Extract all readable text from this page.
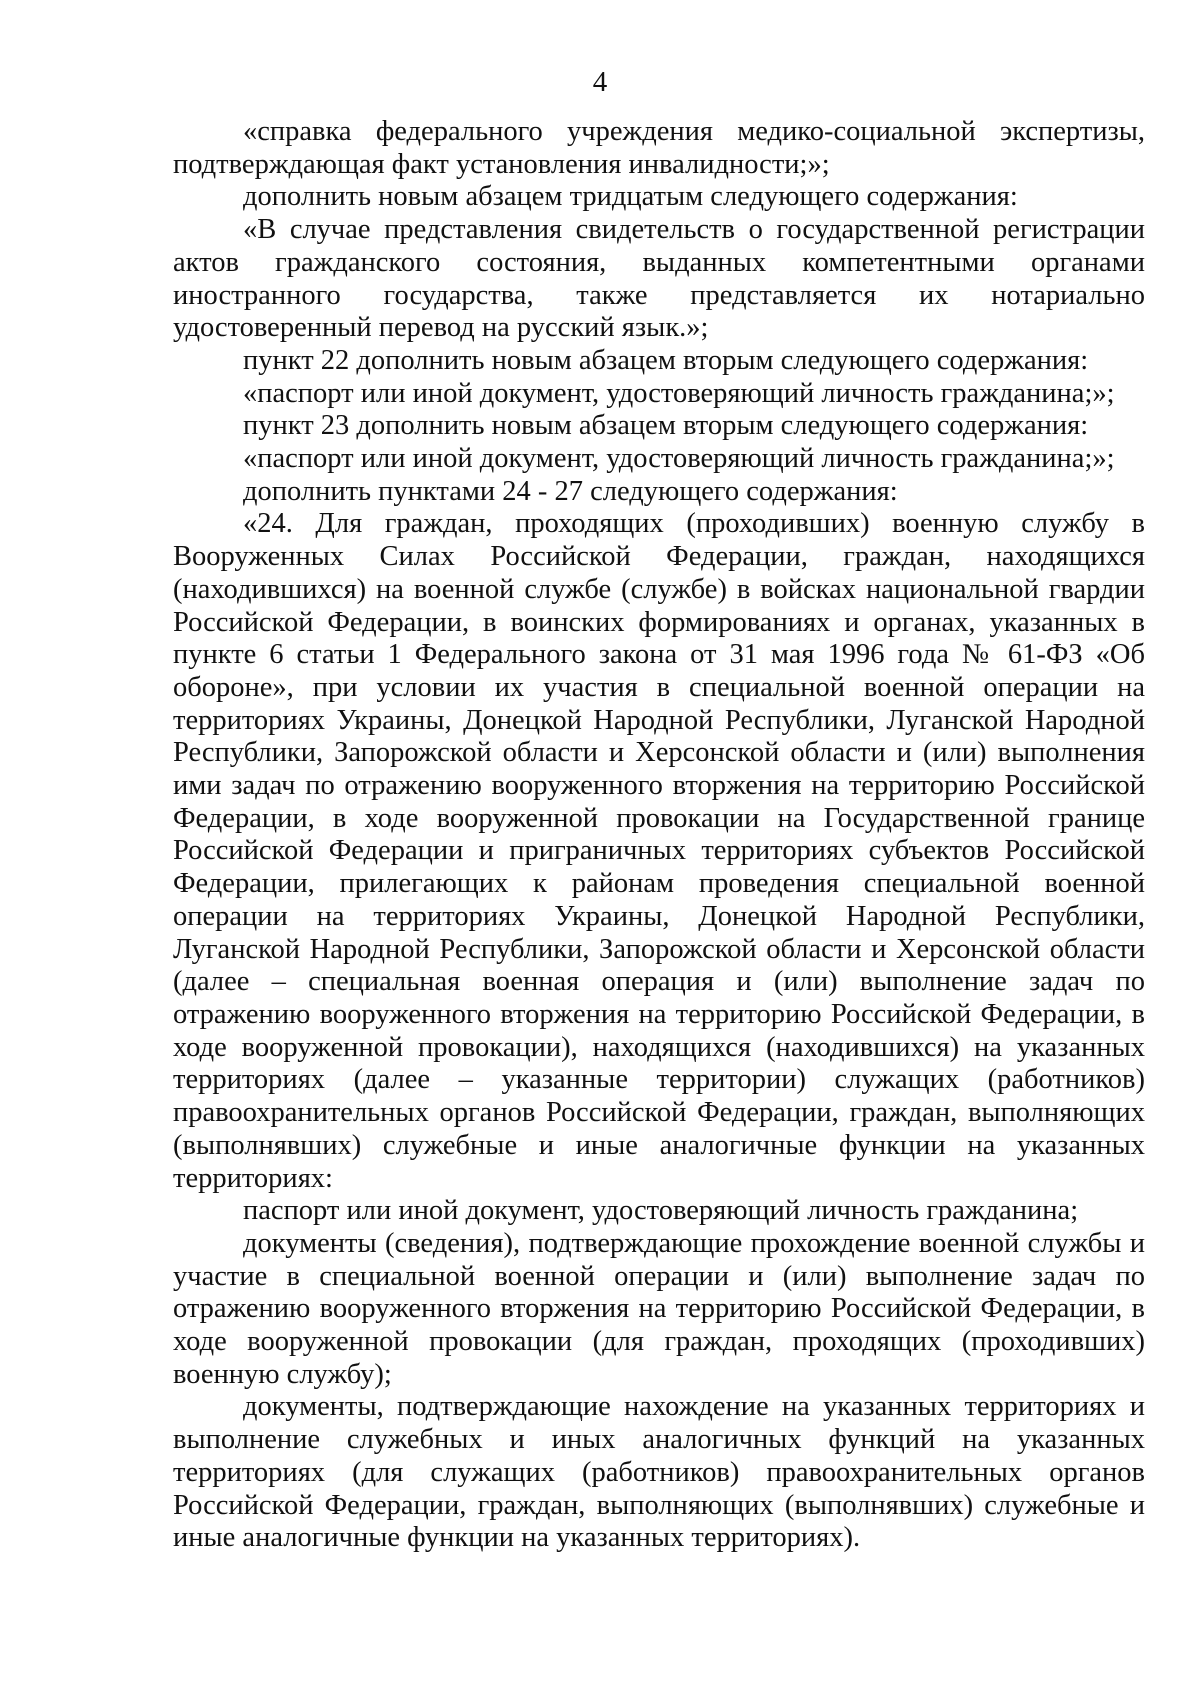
4

«справка федерального учреждения медико-социальной экспертизы, подтверждающая факт установления инвалидности;»;

дополнить новым абзацем тридцатым следующего содержания:

«В случае представления свидетельств о государственной регистрации актов гражданского состояния, выданных компетентными органами иностранного государства, также представляется их нотариально удостоверенный перевод на русский язык.»;

пункт 22 дополнить новым абзацем вторым следующего содержания:

«паспорт или иной документ, удостоверяющий личность гражданина;»;

пункт 23 дополнить новым абзацем вторым следующего содержания:

«паспорт или иной документ, удостоверяющий личность гражданина;»;

дополнить пунктами 24 - 27 следующего содержания:

«24. Для граждан, проходящих (проходивших) военную службу в Вооруженных Силах Российской Федерации, граждан, находящихся (находившихся) на военной службе (службе) в войсках национальной гвардии Российской Федерации, в воинских формированиях и органах, указанных в пункте 6 статьи 1 Федерального закона от 31 мая 1996 года № 61-ФЗ «Об обороне», при условии их участия в специальной военной операции на территориях Украины, Донецкой Народной Республики, Луганской Народной Республики, Запорожской области и Херсонской области и (или) выполнения ими задач по отражению вооруженного вторжения на территорию Российской Федерации, в ходе вооруженной провокации на Государственной границе Российской Федерации и приграничных территориях субъектов Российской Федерации, прилегающих к районам проведения специальной военной операции на территориях Украины, Донецкой Народной Республики, Луганской Народной Республики, Запорожской области и Херсонской области (далее – специальная военная операция и (или) выполнение задач по отражению вооруженного вторжения на территорию Российской Федерации, в ходе вооруженной провокации), находящихся (находившихся) на указанных территориях (далее – указанные территории) служащих (работников) правоохранительных органов Российской Федерации, граждан, выполняющих (выполнявших) служебные и иные аналогичные функции на указанных территориях:

паспорт или иной документ, удостоверяющий личность гражданина;

документы (сведения), подтверждающие прохождение военной службы и участие в специальной военной операции и (или) выполнение задач по отражению вооруженного вторжения на территорию Российской Федерации, в ходе вооруженной провокации (для граждан, проходящих (проходивших) военную службу);

документы, подтверждающие нахождение на указанных территориях и выполнение служебных и иных аналогичных функций на указанных территориях (для служащих (работников) правоохранительных органов Российской Федерации, граждан, выполняющих (выполнявших) служебные и иные аналогичные функции на указанных территориях).
